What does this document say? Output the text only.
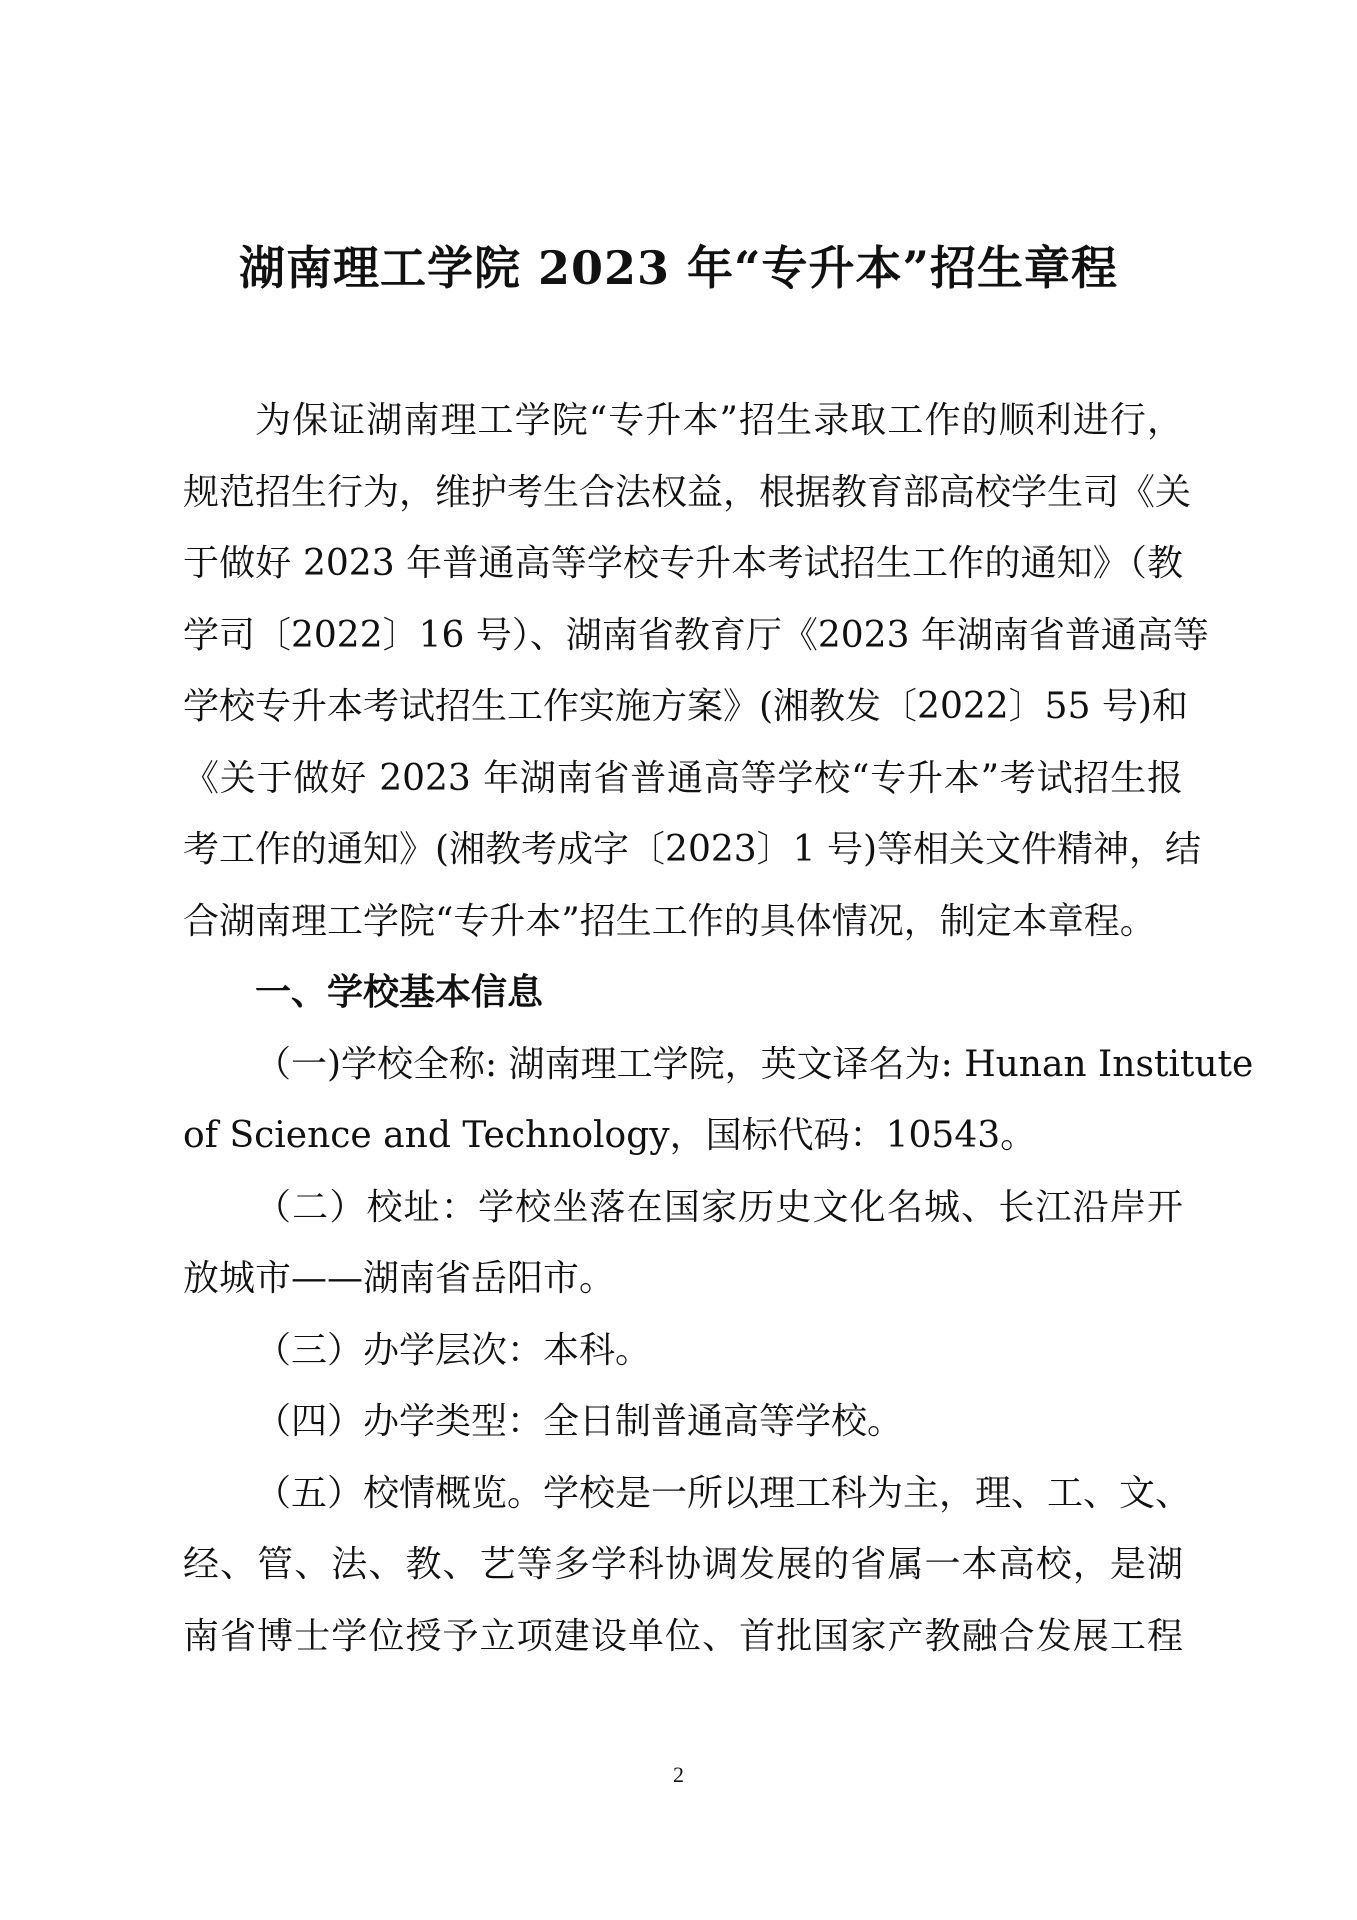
湖南理工学院 2023 年“专升本”招生章程
为保证湖南理工学院“专升本”招生录取工作的顺利进行，
规范招生行为，维护考生合法权益，根据教育部高校学生司《关
于做好 2023 年普通高等学校专升本考试招生工作的通知》（教
学司〔2022〕16 号）、湖南省教育厅《2023 年湖南省普通高等
学校专升本考试招生工作实施方案》(湘教发〔2022〕55 号)和
《关于做好 2023 年湖南省普通高等学校“专升本”考试招生报
考工作的通知》(湘教考成字〔2023〕1 号)等相关文件精神，结
合湖南理工学院“专升本”招生工作的具体情况，制定本章程。
一、学校基本信息
（一)学校全称: 湖南理工学院，英文译名为: Hunan Institute
of Science and Technology，国标代码：10543。
（二）校址：学校坐落在国家历史文化名城、长江沿岸开
放城市——湖南省岳阳市。
（三）办学层次：本科。
（四）办学类型：全日制普通高等学校。
（五）校情概览。学校是一所以理工科为主，理、工、文、
经、管、法、教、艺等多学科协调发展的省属一本高校，是湖
南省博士学位授予立项建设单位、首批国家产教融合发展工程
2
